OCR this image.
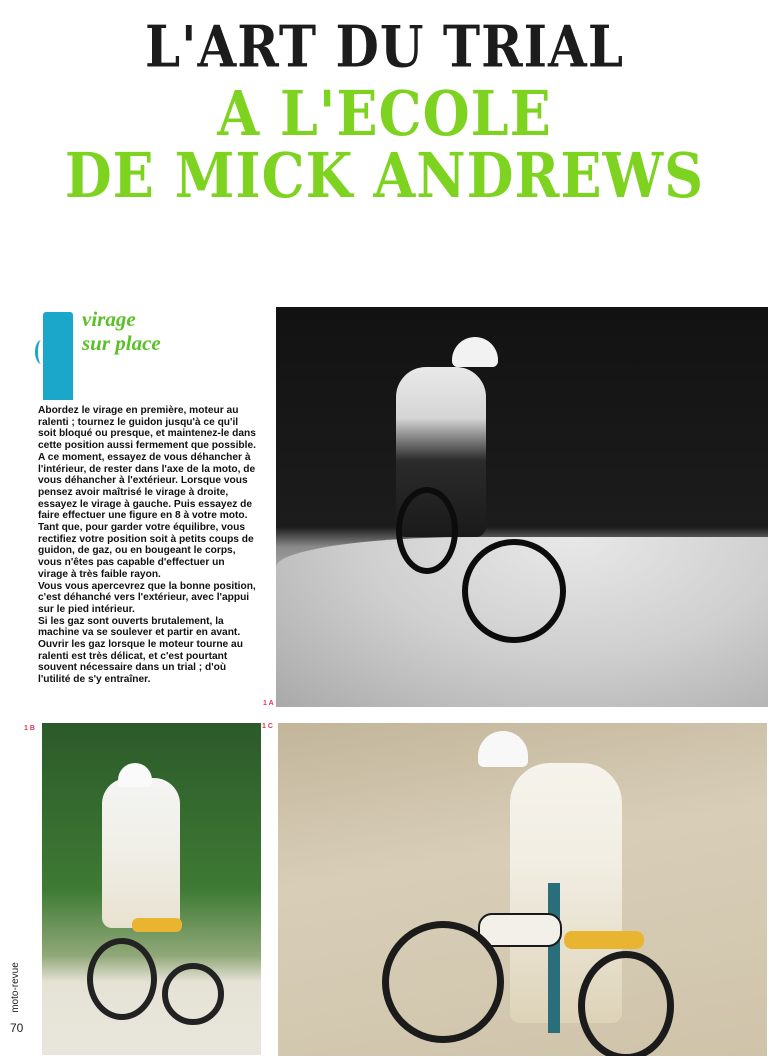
L'ART DU TRIAL
A L'ECOLE
DE MICK ANDREWS
virage
sur place

Abordez le virage en première, moteur au ralenti ; tournez le guidon jusqu'à ce qu'il soit bloqué ou presque, et maintenez-le dans cette position aussi fermement que possible.

A ce moment, essayez de vous déhancher à l'intérieur, de rester dans l'axe de la moto, de vous déhancher à l'extérieur. Lorsque vous pensez avoir maîtrisé le virage à droite, essayez le virage à gauche. Puis essayez de faire effectuer une figure en 8 à votre moto. Tant que, pour garder votre équilibre, vous rectifiez votre position soit à petits coups de guidon, de gaz, ou en bougeant le corps, vous n'êtes pas capable d'effectuer un virage à très faible rayon.

Vous vous apercevrez que la bonne position, c'est déhanché vers l'extérieur, avec l'appui sur le pied intérieur.

Si les gaz sont ouverts brutalement, la machine va se soulever et partir en avant. Ouvrir les gaz lorsque le moteur tourne au ralenti est très délicat, et c'est pourtant souvent nécessaire dans un trial ; d'où l'utilité de s'y entraîner.

1 A

1 B	1 C

moto-revue

70
